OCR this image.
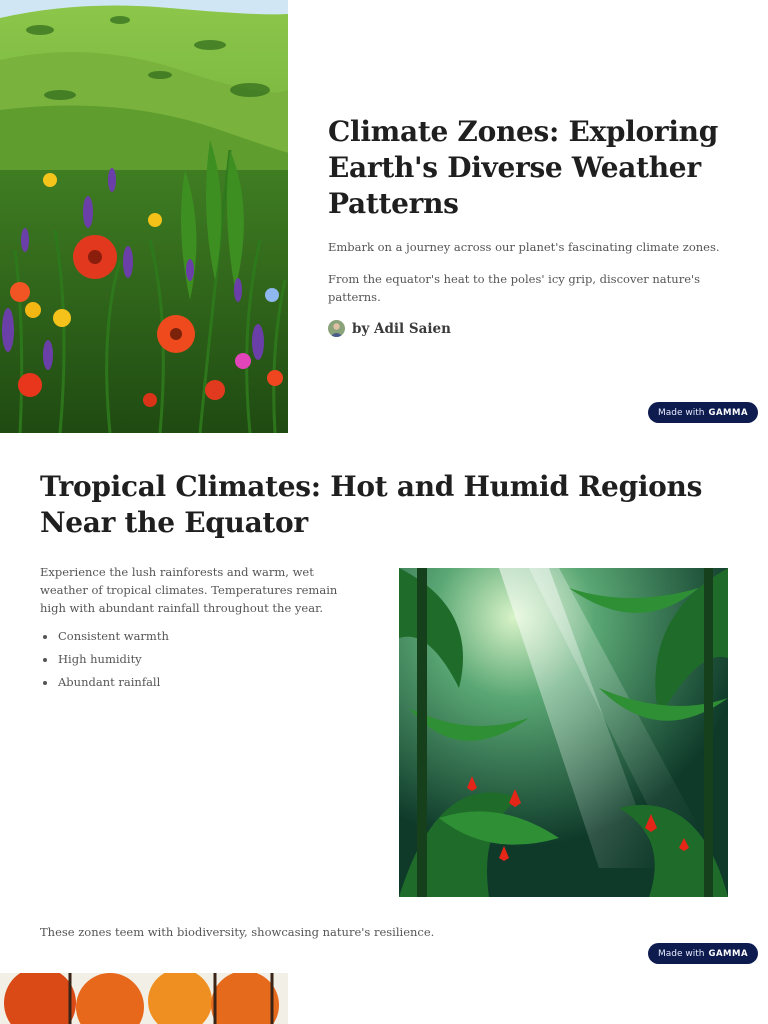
Climate Zones: Exploring Earth's Diverse Weather Patterns

Embark on a journey across our planet's fascinating climate zones.

From the equator's heat to the poles' icy grip, discover nature's patterns.

by Adil Saien
Made with GAMMA
Tropical Climates: Hot and Humid Regions Near the Equator

Experience the lush rainforests and warm, wet weather of tropical climates. Temperatures remain high with abundant rainfall throughout the year.

Consistent warmth
High humidity
Abundant rainfall

These zones teem with biodiversity, showcasing nature's resilience.

Made with GAMMA
